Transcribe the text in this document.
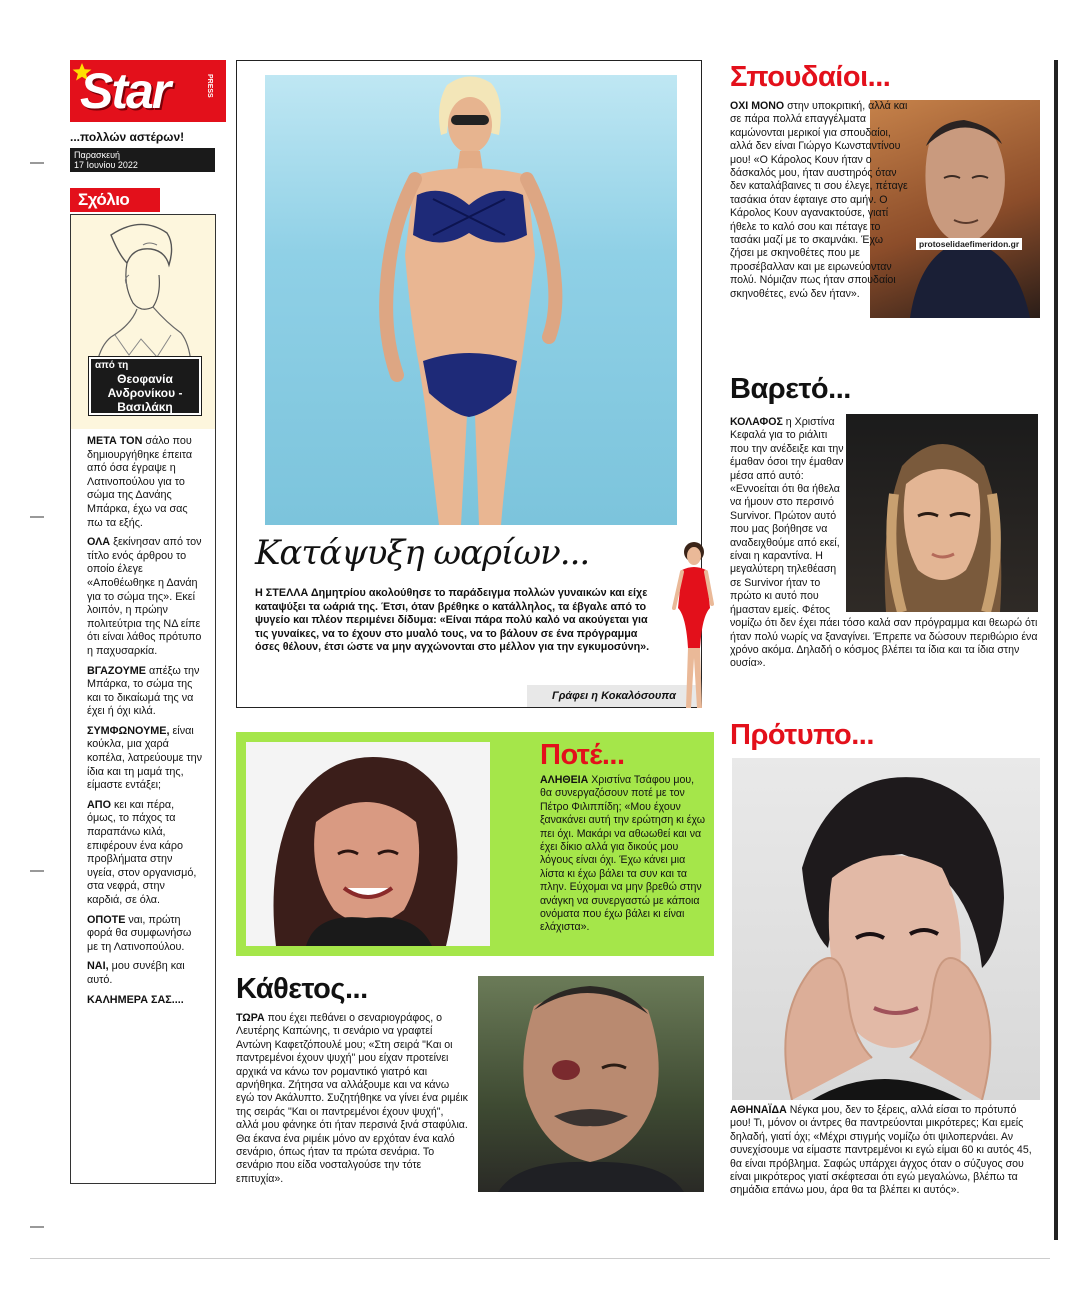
Star	PRESS
...πολλών αστέρων!
Παρασκευή
17 Ιουνίου 2022
Σχόλιο
από τη
Θεοφανία Ανδρονίκου - Βασιλάκη

ΜΕΤΑ ΤΟΝ σάλο που δημιουργήθηκε έπειτα από όσα έγραψε η Λατινοπούλου για το σώμα της Δανάης Μπάρκα, έχω να σας πω τα εξής.

ΟΛΑ ξεκίνησαν από τον τίτλο ενός άρθρου το οποίο έλεγε «Αποθέωθηκε η Δανάη για το σώμα της». Εκεί λοιπόν, η πρώην πολιτεύτρια της ΝΔ είπε ότι είναι λάθος πρότυπο η παχυσαρκία.

ΒΓΑΖΟΥΜΕ απέξω την Μπάρκα, το σώμα της και το δικαίωμά της να έχει ή όχι κιλά.

ΣΥΜΦΩΝΟΥΜΕ, είναι κούκλα, μια χαρά κοπέλα, λατρεύουμε την ίδια και τη μαμά της, είμαστε εντάξει;

ΑΠΟ κει και πέρα, όμως, το πάχος τα παραπάνω κιλά, επιφέρουν ένα κάρο προβλήματα στην υγεία, στον οργανισμό, στα νεφρά, στην καρδιά, σε όλα.

ΟΠΟΤΕ ναι, πρώτη φορά θα συμφωνήσω με τη Λατινοπούλου.

ΝΑΙ, μου συνέβη και αυτό.

ΚΑΛΗΜΕΡΑ ΣΑΣ....

Κατάψυξη ωαρίων...
Η ΣΤΕΛΛΑ Δημητρίου ακολούθησε το παράδειγμα πολλών γυναικών και είχε καταψύξει τα ωάριά της. Έτσι, όταν βρέθηκε ο κατάλληλος, τα έβγαλε από το ψυγείο και πλέον περιμένει δίδυμα: «Είναι πάρα πολύ καλό να ακούγεται για τις γυναίκες, να το έχουν στο μυαλό τους, να το βάλουν σε ένα πρόγραμμα όσες θέλουν, έτσι ώστε να μην αγχώνονται στο μέλλον για την εγκυμοσύνη».
Γράφει η Κοκαλόσουπα
Σπουδαίοι...
protoselidaefimeridon.gr
ΟΧΙ ΜΟΝΟ στην υποκριτική, αλλά και σε πάρα πολλά επαγγέλματα καμώνονται μερικοί για σπουδαίοι, αλλά δεν είναι Γιώργο Κωνσταντίνου μου! «Ο Κάρολος Κουν ήταν ο δάσκαλός μου, ήταν αυστηρός όταν δεν καταλάβαινες τι σου έλεγε, πέταγε τασάκια όταν έφταιγε στο αμήν. Ο Κάρολος Κουν αγανακτούσε, γιατί ήθελε το καλό σου και πέταγε το τασάκι μαζί με το σκαμνάκι. Έχω ζήσει με σκηνοθέτες που με προσέβαλλαν και με ειρωνεύονταν πολύ. Νόμιζαν πως ήταν σπουδαίοι σκηνοθέτες, ενώ δεν ήταν».
Βαρετό...
ΚΟΛΑΦΟΣ η Χριστίνα Κεφαλά για το ριάλιτι που την ανέδειξε και την έμαθαν όσοι την έμαθαν μέσα από αυτό: «Εννοείται ότι θα ήθελα να ήμουν στο περσινό Survivor. Πρώτον αυτό που μας βοήθησε να αναδειχθούμε από εκεί, είναι η καραντίνα. Η μεγαλύτερη τηλεθέαση σε Survivor ήταν το πρώτο κι αυτό που ήμασταν εμείς. Φέτος νομίζω ότι δεν έχει πάει τόσο καλά σαν πρόγραμμα και θεωρώ ότι ήταν πολύ νωρίς να ξαναγίνει. Έπρεπε να δώσουν περιθώριο ένα χρόνο ακόμα. Δηλαδή ο κόσμος βλέπει τα ίδια και τα ίδια στην ουσία».
Ποτέ...
ΑΛΗΘΕΙΑ Χριστίνα Τσάφου μου, θα συνεργαζόσουν ποτέ με τον Πέτρο Φιλιππίδη; «Μου έχουν ξανακάνει αυτή την ερώτηση κι έχω πει όχι. Μακάρι να αθωωθεί και να έχει δίκιο αλλά για δικούς μου λόγους είναι όχι. Έχω κάνει μια λίστα κι έχω βάλει τα συν και τα πλην. Εύχομαι να μην βρεθώ στην ανάγκη να συνεργαστώ με κάποια ονόματα που έχω βάλει κι είναι ελάχιστα».
Κάθετος...
ΤΩΡΑ που έχει πεθάνει ο σεναριογράφος, ο Λευτέρης Καπώνης, τι σενάριο να γραφτεί Αντώνη Καφετζόπουλέ μου; «Στη σειρά "Και οι παντρεμένοι έχουν ψυχή" μου είχαν προτείνει αρχικά να κάνω τον ρομαντικό γιατρό και αρνήθηκα. Ζήτησα να αλλάξουμε και να κάνω εγώ τον Ακάλυπτο. Συζητήθηκε να γίνει ένα ριμέικ της σειράς "Και οι παντρεμένοι έχουν ψυχή", αλλά μου φάνηκε ότι ήταν περσινά ξινά σταφύλια. Θα έκανα ένα ριμέικ μόνο αν ερχόταν ένα καλό σενάριο, όπως ήταν τα πρώτα σενάρια. Το σενάριο που είδα νοσταλγούσε την τότε επιτυχία».
Πρότυπο...
ΑΘΗΝΑΪΔΑ Νέγκα μου, δεν το ξέρεις, αλλά είσαι το πρότυπό μου! Τι, μόνον οι άντρες θα παντρεύονται μικρότερες; Και εμείς δηλαδή, γιατί όχι; «Μέχρι στιγμής νομίζω ότι ψιλοπερνάει. Αν συνεχίσουμε να είμαστε παντρεμένοι κι εγώ είμαι 60 κι αυτός 45, θα είναι πρόβλημα. Σαφώς υπάρχει άγχος όταν ο σύζυγος σου είναι μικρότερος γιατί σκέφτεσαι ότι εγώ μεγαλώνω, βλέπω τα σημάδια επάνω μου, άρα θα τα βλέπει κι αυτός».
